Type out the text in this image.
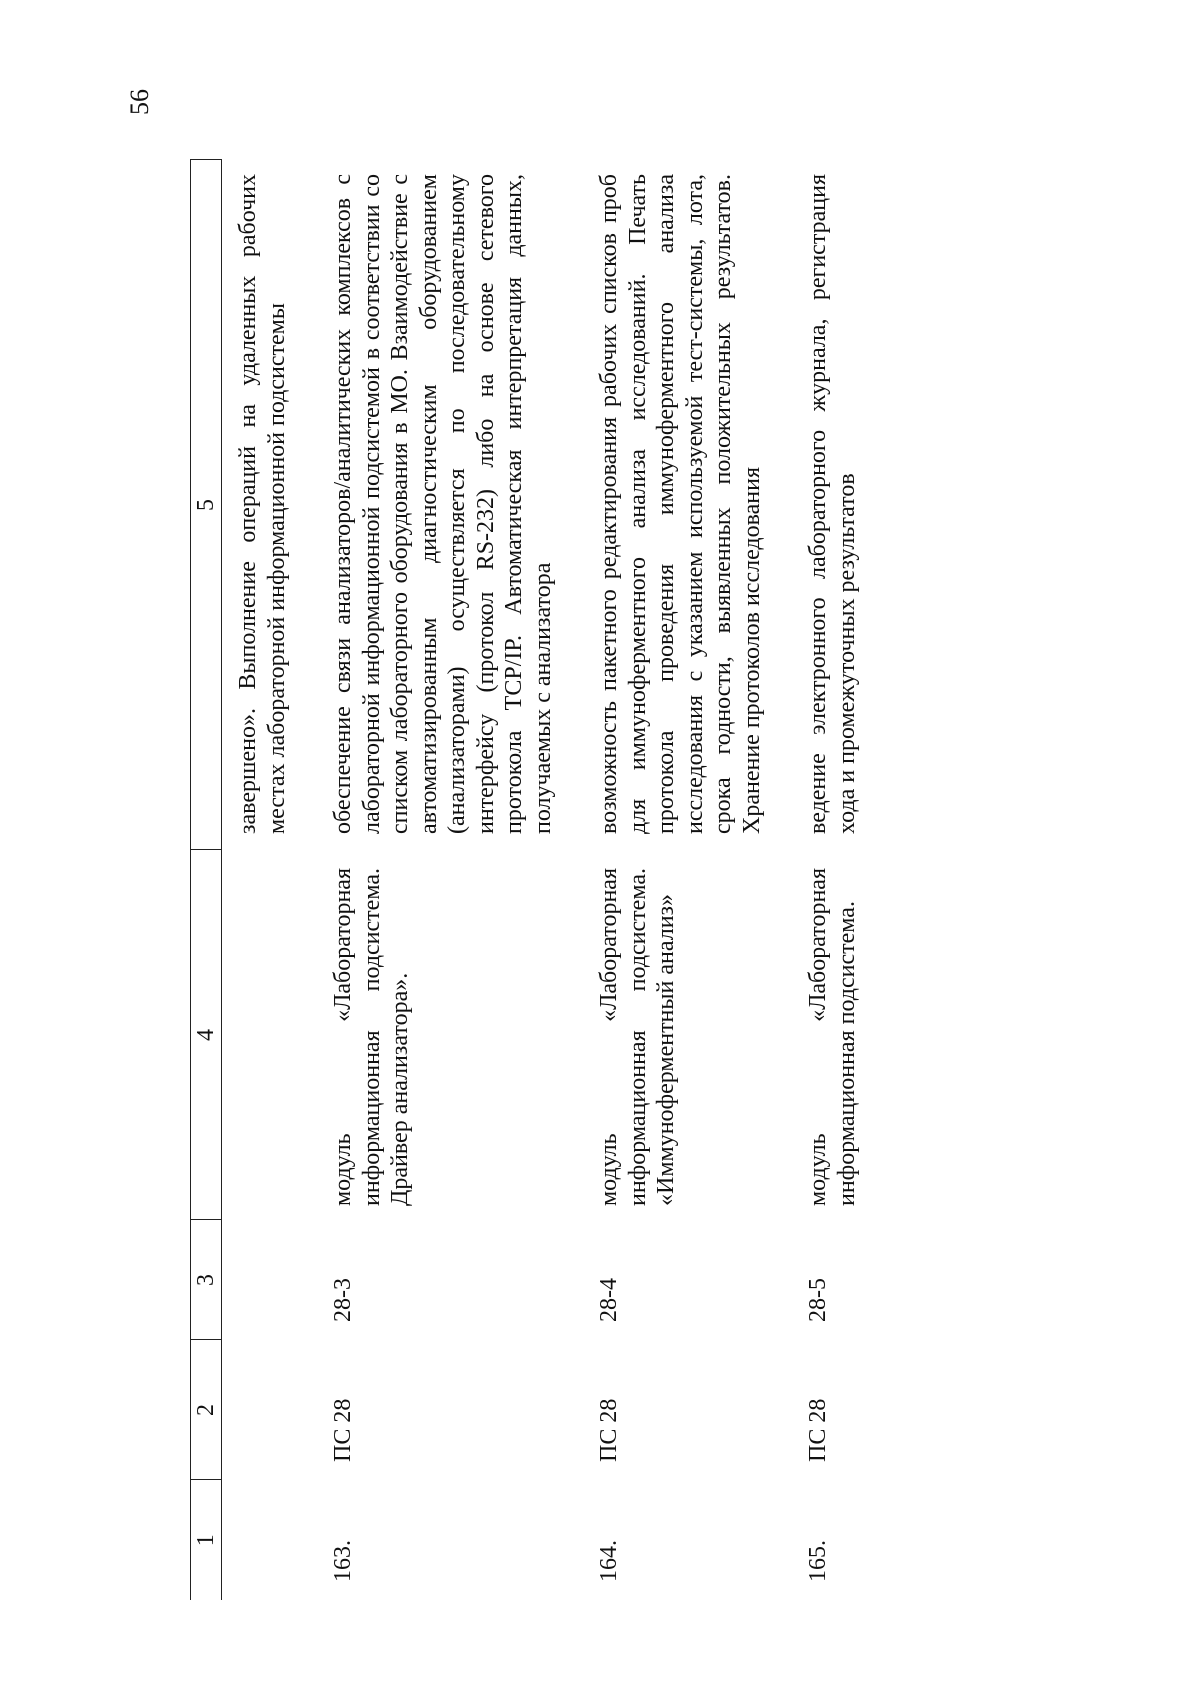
56
1	2	3	4	5
				завершено». Выполнение операций на удаленных рабочих местах лабораторной информационной подсистемы
163.	ПС 28	28-3	модуль «Лабораторная информационная подсистема. Драйвер анализатора».	обеспечение связи анализаторов/аналитических комплексов с лабораторной информационной подсистемой в соответствии со списком лабораторного оборудования в МО. Взаимодействие с автоматизированным диагностическим оборудованием (анализаторами) осуществляется по последовательному интерфейсу (протокол RS-232) либо на основе сетевого протокола TCP/IP. Автоматическая интерпретация данных, получаемых с анализатора
164.	ПС 28	28-4	модуль «Лабораторная информационная подсистема. «Иммуноферментный анализ»	возможность пакетного редактирования рабочих списков проб для иммуноферментного анализа исследований. Печать протокола проведения иммуноферментного анализа исследования с указанием используемой тест-системы, лота, срока годности, выявленных положительных результатов. Хранение протоколов исследования
165.	ПС 28	28-5	модуль «Лабораторная информационная подсистема.	ведение электронного лабораторного журнала, регистрация хода и промежуточных результатов
